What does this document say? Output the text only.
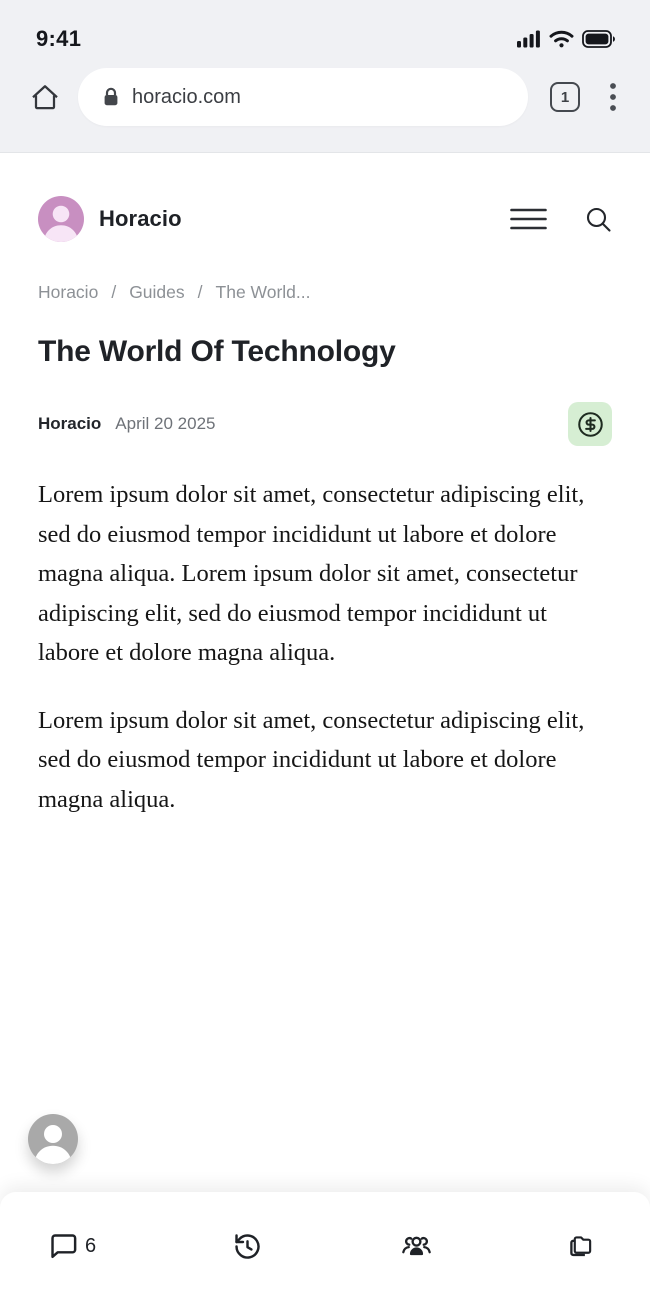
9:41
horacio.com	1
Horacio
Horacio / Guides / The World...
The World Of Technology
Horacio April 20 2025

Lorem ipsum dolor sit amet, consectetur adipiscing elit, sed do eiusmod tempor incididunt ut labore et dolore magna aliqua. Lorem ipsum dolor sit amet, consectetur adipiscing elit, sed do eiusmod tempor incididunt ut labore et dolore magna aliqua.

Lorem ipsum dolor sit amet, consectetur adipiscing elit, sed do eiusmod tempor incididunt ut labore et dolore magna aliqua.

6
